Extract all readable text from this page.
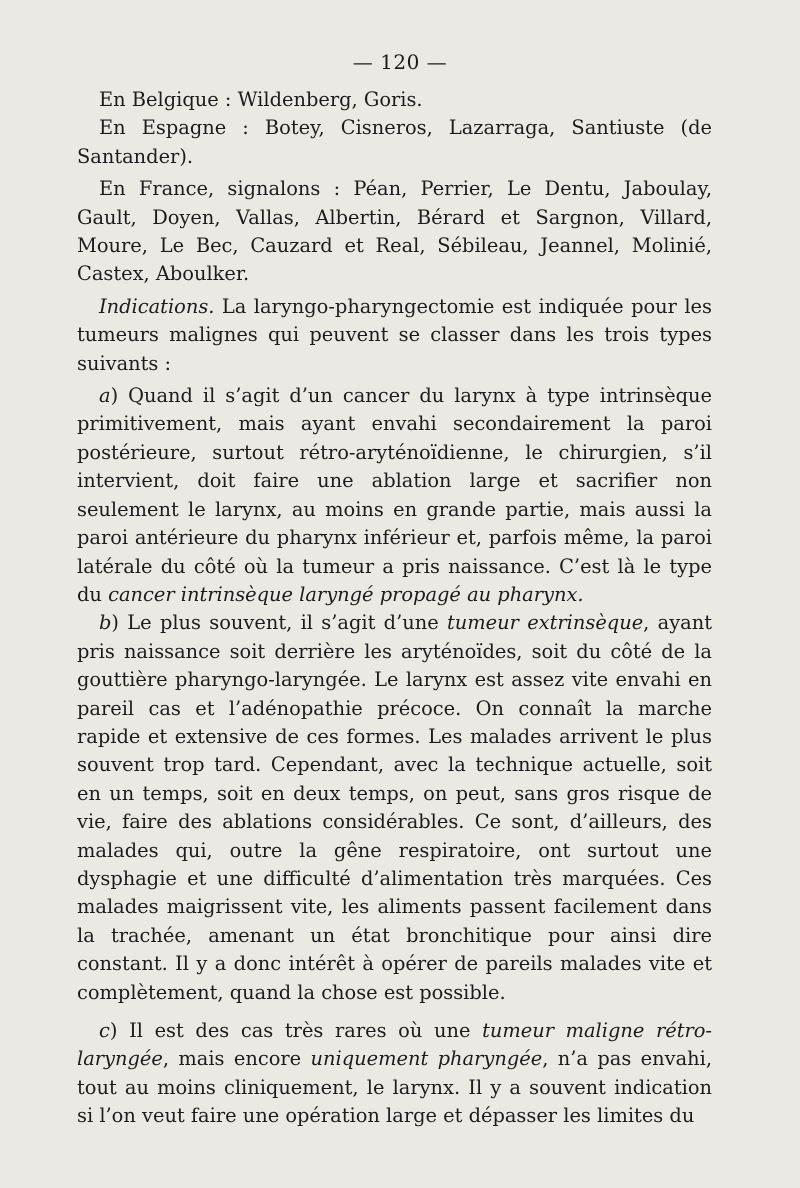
— 120 —

En Belgique : Wildenberg, Goris.

En Espagne : Botey, Cisneros, Lazarraga, Santiuste (de Santander).

En France, signalons : Péan, Perrier, Le Dentu, Jaboulay, Gault, Doyen, Vallas, Albertin, Bérard et Sargnon, Villard, Moure, Le Bec, Cauzard et Real, Sébileau, Jeannel, Molinié, Castex, Aboulker.

Indications. La laryngo-pharyngectomie est indiquée pour les tumeurs malignes qui peuvent se classer dans les trois types suivants :

a) Quand il s’agit d’un cancer du larynx à type intrinsèque primitivement, mais ayant envahi secondairement la paroi postérieure, surtout rétro-aryténoïdienne, le chirurgien, s’il intervient, doit faire une ablation large et sacrifier non seulement le larynx, au moins en grande partie, mais aussi la paroi antérieure du pharynx inférieur et, parfois même, la paroi latérale du côté où la tumeur a pris naissance. C’est là le type du cancer intrinsèque laryngé propagé au pharynx.

b) Le plus souvent, il s’agit d’une tumeur extrinsèque, ayant pris naissance soit derrière les aryténoïdes, soit du côté de la gouttière pharyngo-laryngée. Le larynx est assez vite envahi en pareil cas et l’adénopathie précoce. On connaît la marche rapide et extensive de ces formes. Les malades arrivent le plus souvent trop tard. Cependant, avec la technique actuelle, soit en un temps, soit en deux temps, on peut, sans gros risque de vie, faire des ablations considérables. Ce sont, d’ailleurs, des malades qui, outre la gêne respiratoire, ont surtout une dysphagie et une difficulté d’alimentation très marquées. Ces malades maigrissent vite, les aliments passent facilement dans la trachée, amenant un état bronchitique pour ainsi dire constant. Il y a donc intérêt à opérer de pareils malades vite et complètement, quand la chose est possible.

c) Il est des cas très rares où une tumeur maligne rétro-laryngée, mais encore uniquement pharyngée, n’a pas envahi, tout au moins cliniquement, le larynx. Il y a souvent indication si l’on veut faire une opération large et dépasser les limites du
